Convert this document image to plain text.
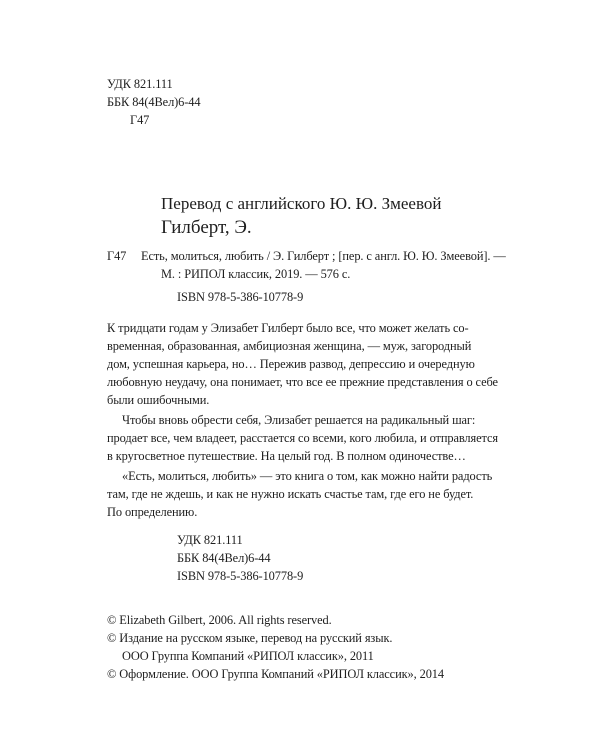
УДК 821.111
ББК 84(4Вел)6-44
Г47
Перевод с английского Ю. Ю. Змеевой
Гилберт, Э.
Г47 Есть, молиться, любить / Э. Гилберт ; [пер. с англ. Ю. Ю. Змеевой]. —
М. : РИПОЛ классик, 2019. — 576 с.
ISBN 978-5-386-10778-9
К тридцати годам у Элизабет Гилберт было все, что может желать со-
временная, образованная, амбициозная женщина, — муж, загородный
дом, успешная карьера, но… Пережив развод, депрессию и очередную
любовную неудачу, она понимает, что все ее прежние представления о себе
были ошибочными.
Чтобы вновь обрести себя, Элизабет решается на радикальный шаг:
продает все, чем владеет, расстается со всеми, кого любила, и отправляется
в кругосветное путешествие. На целый год. В полном одиночестве…
«Есть, молиться, любить» — это книга о том, как можно найти радость
там, где не ждешь, и как не нужно искать счастье там, где его не будет.
По определению.
УДК 821.111
ББК 84(4Вел)6-44
ISBN 978-5-386-10778-9
© Elizabeth Gilbert, 2006. All rights reserved.
© Издание на русском языке, перевод на русский язык.
ООО Группа Компаний «РИПОЛ классик», 2011
© Оформление. ООО Группа Компаний «РИПОЛ классик», 2014
